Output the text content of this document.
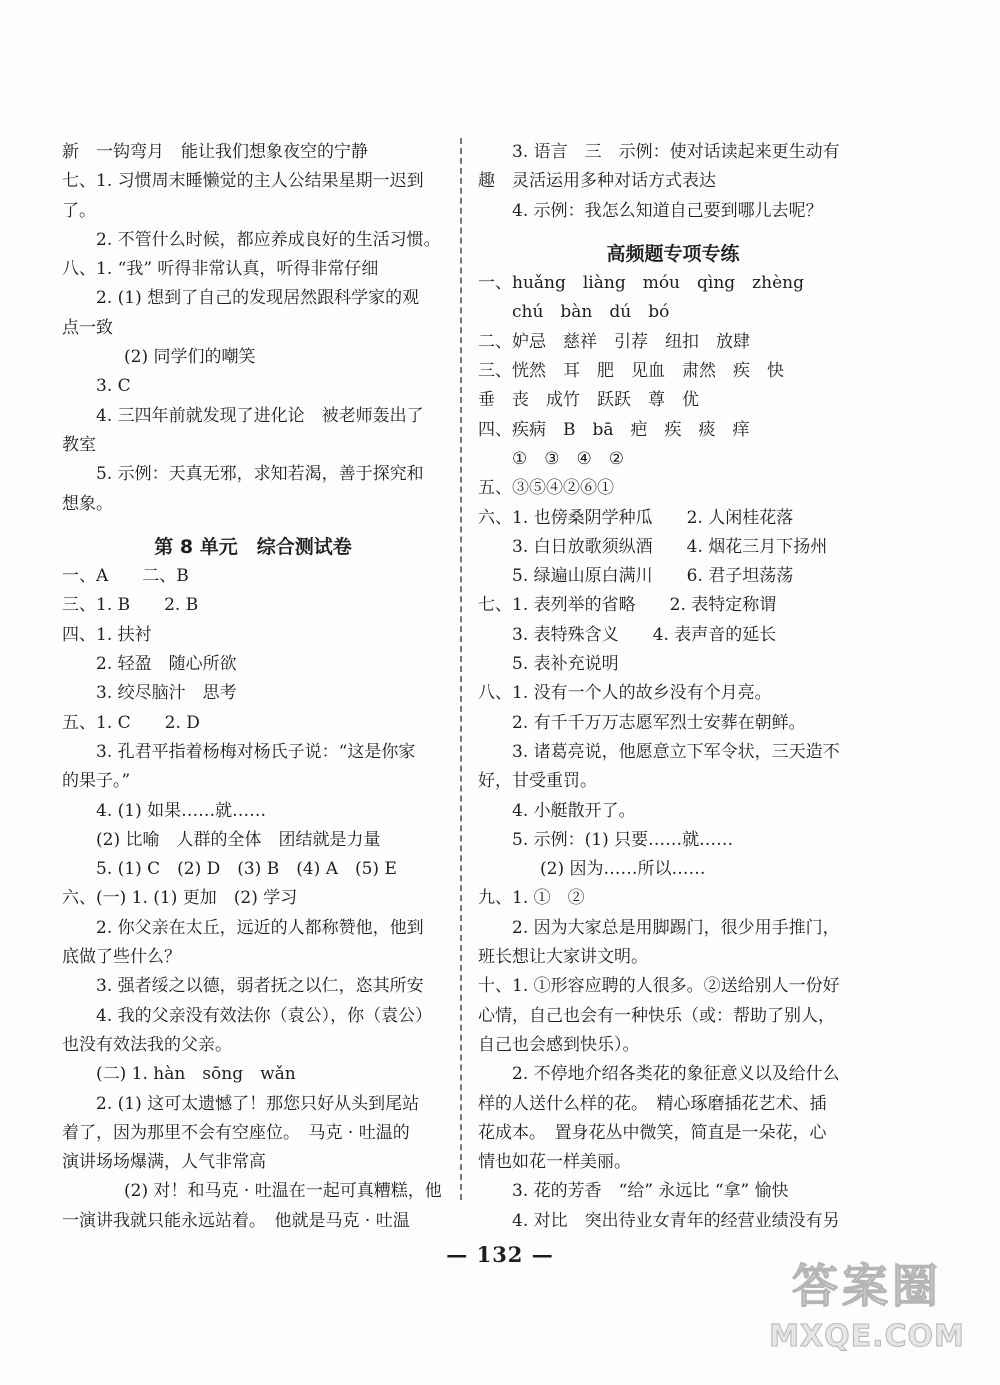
新　一钩弯月　能让我们想象夜空的宁静
七、1. 习惯周末睡懒觉的主人公结果星期一迟到
了。
2. 不管什么时候，都应养成良好的生活习惯。
八、1. “我” 听得非常认真，听得非常仔细
2. (1) 想到了自己的发现居然跟科学家的观
点一致
(2) 同学们的嘲笑
3. C
4. 三四年前就发现了进化论　被老师轰出了
教室
5. 示例：天真无邪，求知若渴，善于探究和
想象。
第 8 单元　综合测试卷
一、A　　二、B
三、1. B　　2. B
四、1. 扶衬
2. 轻盈　随心所欲
3. 绞尽脑汁　思考
五、1. C　　2. D
3. 孔君平指着杨梅对杨氏子说：“这是你家
的果子。”
4. (1) 如果……就……
(2) 比喻　人群的全体　团结就是力量
5. (1) C　(2) D　(3) B　(4) A　(5) E
六、(一) 1. (1) 更加　(2) 学习
2. 你父亲在太丘，远近的人都称赞他，他到
底做了些什么？
3. 强者绥之以德，弱者抚之以仁，恣其所安
4. 我的父亲没有效法你（袁公），你（袁公）
也没有效法我的父亲。
(二) 1. hàn　sōng　wǎn
2. (1) 这可太遗憾了！那您只好从头到尾站
着了，因为那里不会有空座位。　马克 · 吐温的
演讲场场爆满，人气非常高
(2) 对！和马克 · 吐温在一起可真糟糕，他
一演讲我就只能永远站着。　他就是马克 · 吐温
3. 语言　三　示例：使对话读起来更生动有
趣　灵活运用多种对话方式表达
4. 示例：我怎么知道自己要到哪儿去呢？
高频题专项专练
一、huǎng　liàng　móu　qìng　zhèng
chú　bàn　dú　bó
二、妒忌　慈祥　引荐　纽扣　放肆
三、恍然　耳　肥　见血　肃然　疾　快
垂　丧　成竹　跃跃　尊　优
四、疾病　B　bā　疤　疾　痰　痒
①　③　④　②
五、③⑤④②⑥①
六、1. 也傍桑阴学种瓜　　2. 人闲桂花落
3. 白日放歌须纵酒　　4. 烟花三月下扬州
5. 绿遍山原白满川　　6. 君子坦荡荡
七、1. 表列举的省略　　2. 表特定称谓
3. 表特殊含义　　4. 表声音的延长
5. 表补充说明
八、1. 没有一个人的故乡没有个月亮。
2. 有千千万万志愿军烈士安葬在朝鲜。
3. 诸葛亮说，他愿意立下军令状，三天造不
好，甘受重罚。
4. 小艇散开了。
5. 示例：(1) 只要……就……
(2) 因为……所以……
九、1. ①　②
2. 因为大家总是用脚踢门，很少用手推门，
班长想让大家讲文明。
十、1. ①形容应聘的人很多。②送给别人一份好
心情，自己也会有一种快乐（或：帮助了别人，
自己也会感到快乐）。
2. 不停地介绍各类花的象征意义以及给什么
样的人送什么样的花。　精心琢磨插花艺术、插
花成本。　置身花丛中微笑，简直是一朵花，心
情也如花一样美丽。
3. 花的芳香　“给” 永远比 “拿” 愉快
4. 对比　突出待业女青年的经营业绩没有另
— 132 —
答案圈
MXQE.COM
